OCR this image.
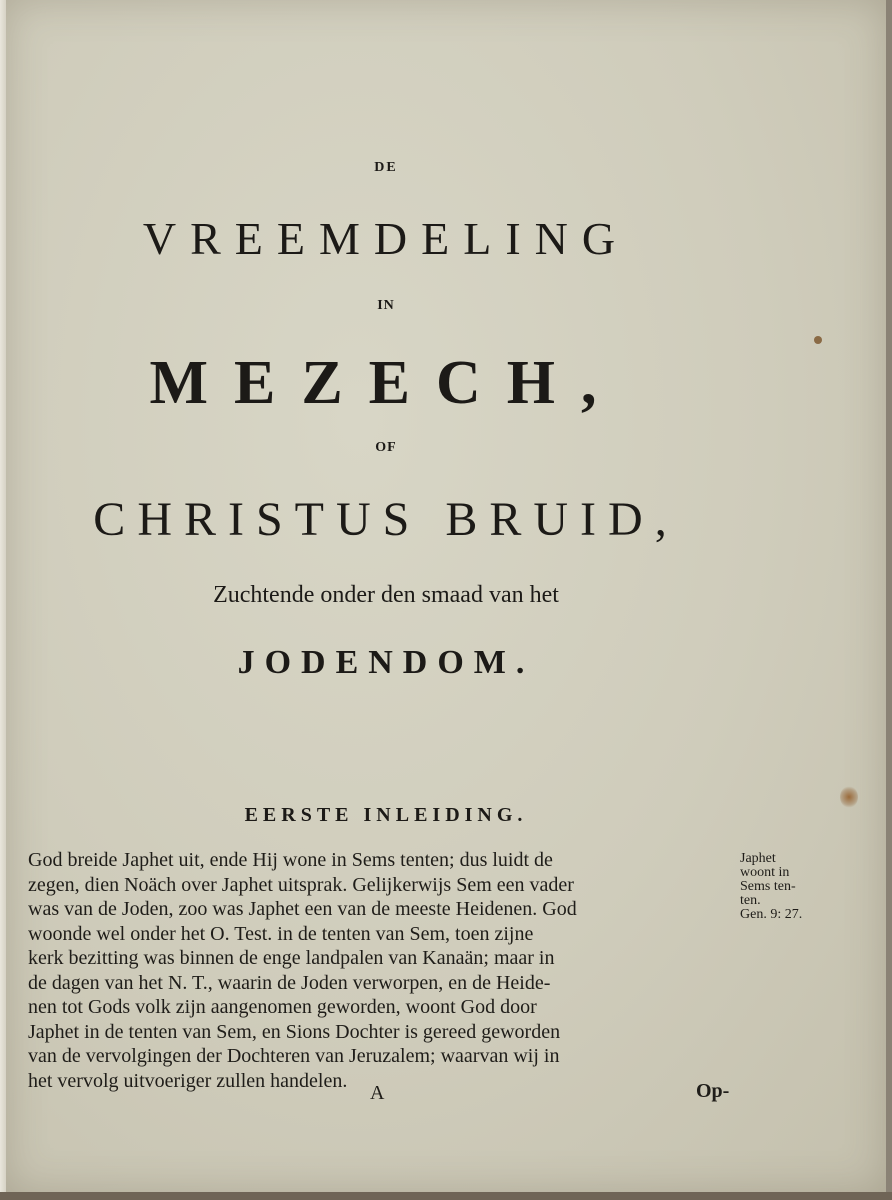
DE
VREEMDELING
IN
MEZECH,
OF
CHRISTUS BRUID,
Zuchtende onder den smaad van het
JODENDOM.
EERSTE INLEIDING.
God breide Japhet uit, ende Hij wone in Sems tenten; dus luidt de
zegen, dien Noäch over Japhet uitsprak. Gelijkerwijs Sem een vader
was van de Joden, zoo was Japhet een van de meeste Heidenen. God
woonde wel onder het O. Test. in de tenten van Sem, toen zijne
kerk bezitting was binnen de enge landpalen van Kanaän; maar in
de dagen van het N. T., waarin de Joden verworpen, en de Heide-
nen tot Gods volk zijn aangenomen geworden, woont God door
Japhet in de tenten van Sem, en Sions Dochter is gereed geworden
van de vervolgingen der Dochteren van Jeruzalem; waarvan wij in
het vervolg uitvoeriger zullen handelen.
Japhet
woont in
Sems ten-
ten.
Gen. 9: 27.
A	Op-
